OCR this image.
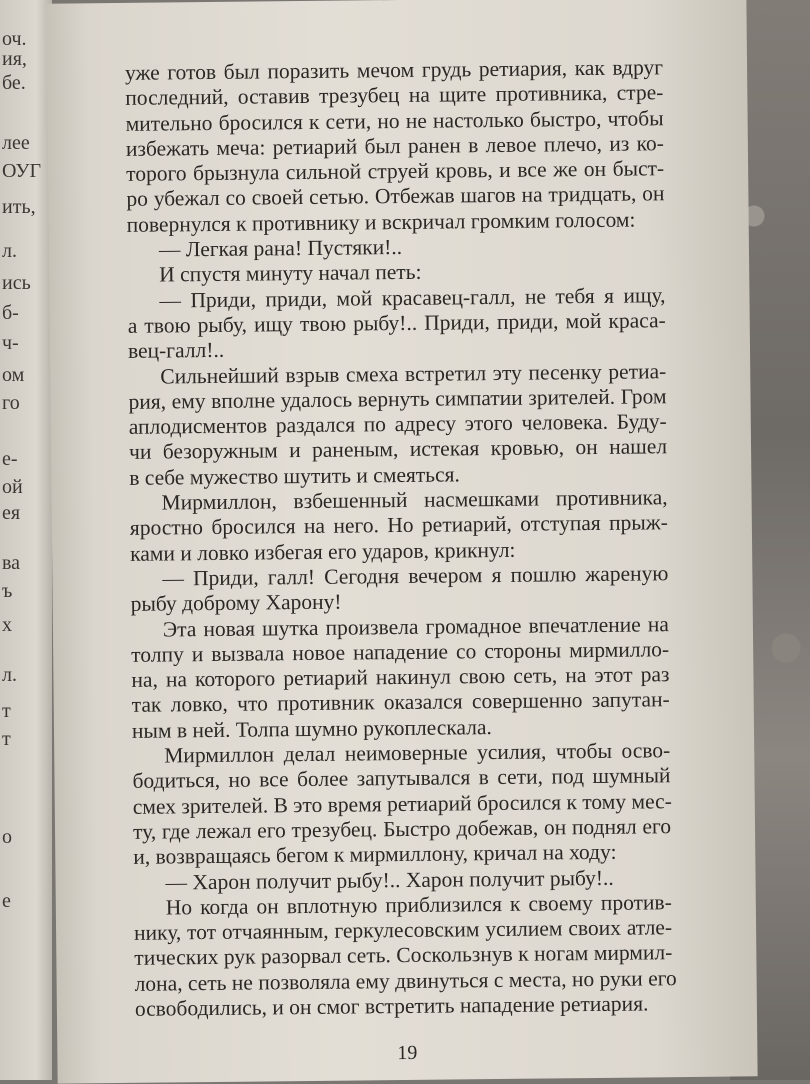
оч.
ия,
бе.
лее
ОУГ
ить,
л.
ись
б-
ч-
ом
го
е-
ой
ея
ва
ъ
х
л.
т
т
о
е
уже готов был поразить мечом грудь ретиария, как вдруг
последний, оставив трезубец на щите противника, стре-
мительно бросился к сети, но не настолько быстро, чтобы
избежать меча: ретиарий был ранен в левое плечо, из ко-
торого брызнула сильной струей кровь, и все же он быст-
ро убежал со своей сетью. Отбежав шагов на тридцать, он
повернулся к противнику и вскричал громким голосом:
— Легкая рана! Пустяки!..
И спустя минуту начал петь:
— Приди, приди, мой красавец-галл, не тебя я ищу,
а твою рыбу, ищу твою рыбу!.. Приди, приди, мой краса-
вец-галл!..
Сильнейший взрыв смеха встретил эту песенку ретиа-
рия, ему вполне удалось вернуть симпатии зрителей. Гром
аплодисментов раздался по адресу этого человека. Буду-
чи безоружным и раненым, истекая кровью, он нашел
в себе мужество шутить и смеяться.
Мирмиллон, взбешенный насмешками противника,
яростно бросился на него. Но ретиарий, отступая прыж-
ками и ловко избегая его ударов, крикнул:
— Приди, галл! Сегодня вечером я пошлю жареную
рыбу доброму Харону!
Эта новая шутка произвела громадное впечатление на
толпу и вызвала новое нападение со стороны мирмилло-
на, на которого ретиарий накинул свою сеть, на этот раз
так ловко, что противник оказался совершенно запутан-
ным в ней. Толпа шумно рукоплескала.
Мирмиллон делал неимоверные усилия, чтобы осво-
бодиться, но все более запутывался в сети, под шумный
смех зрителей. В это время ретиарий бросился к тому мес-
ту, где лежал его трезубец. Быстро добежав, он поднял его
и, возвращаясь бегом к мирмиллону, кричал на ходу:
— Харон получит рыбу!.. Харон получит рыбу!..
Но когда он вплотную приблизился к своему против-
нику, тот отчаянным, геркулесовским усилием своих атле-
тических рук разорвал сеть. Соскользнув к ногам мирмил-
лона, сеть не позволяла ему двинуться с места, но руки его
освободились, и он смог встретить нападение ретиария.
19
